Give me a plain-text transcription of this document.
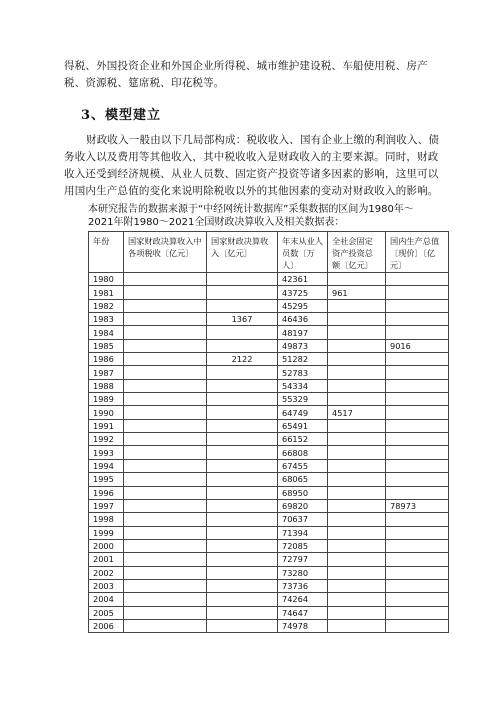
得税、外国投资企业和外国企业所得税、城市维护建设税、车船使用税、房产税、资源税、筵席税、印花税等。
3、模型建立
财政收入一般由以下几局部构成：税收收入、国有企业上缴的利润收入、债务收入以及费用等其他收入，其中税收收入是财政收入的主要来源。同时，财政收入还受到经济规模、从业人员数、固定资产投资等诸多因素的影响，这里可以用国内生产总值的变化来说明除税收以外的其他因素的变动对财政收入的影响。
本研究报告的数据来源于“中经网统计数据库”采集数据的区间为1980年～2021年附1980～2021全国财政决算收入及相关数据表：
年份	国家财政决算收入中各项税收〔亿元〕	国家财政决算收入〔亿元〕	年末从业人员数〔万人〕	全社会固定资产投资总额〔亿元〕	国内生产总值〔现价〕〔亿元〕
1980			42361		
1981			43725	961	
1982			45295		
1983		1367	46436		
1984			48197		
1985			49873		9016
1986		2122	51282		
1987			52783		
1988			54334		
1989			55329		
1990			64749	4517	
1991			65491		
1992			66152		
1993			66808		
1994			67455		
1995			68065		
1996			68950		
1997			69820		78973
1998			70637		
1999			71394		
2000			72085		
2001			72797		
2002			73280		
2003			73736		
2004			74264		
2005			74647		
2006			74978		
